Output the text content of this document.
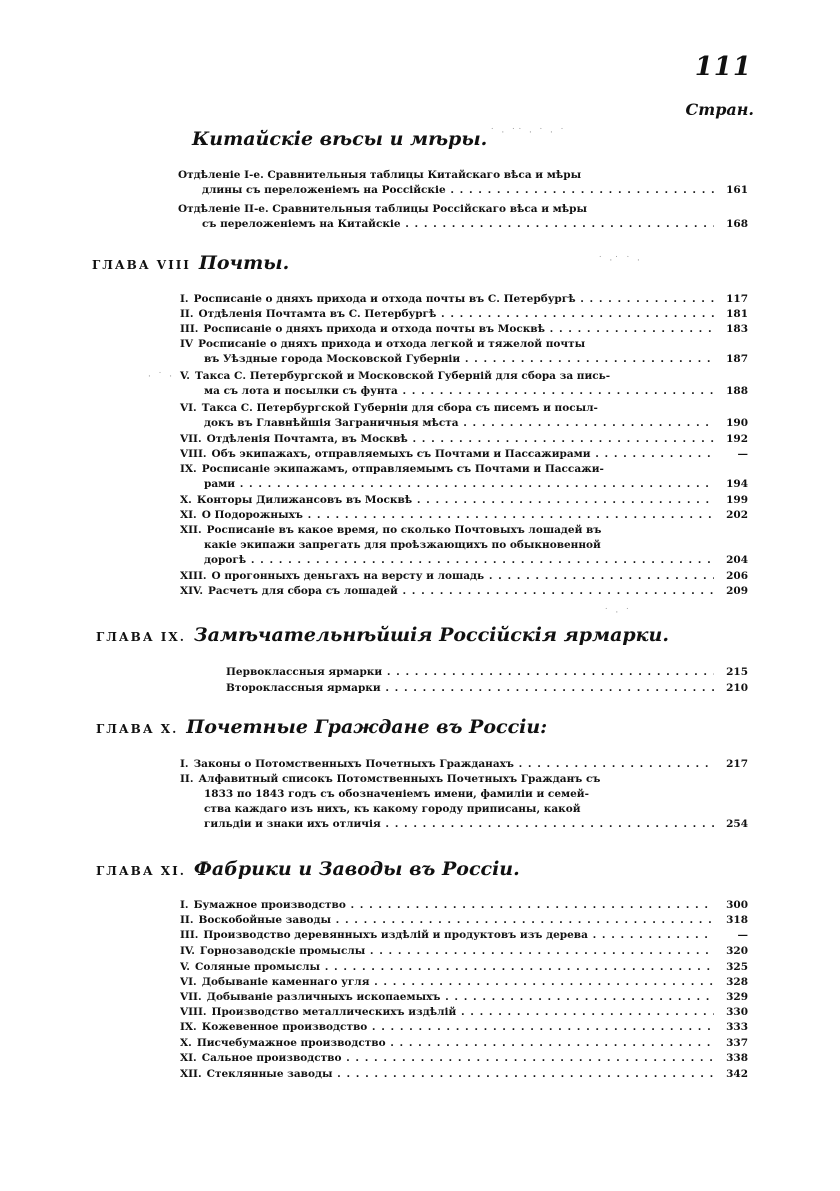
111
Стран.
Китайскіе вѣсы и мѣры.
Отдѣленіе I-е. Сравнительныя таблицы Китайскаго вѣса и мѣры
длины съ переложеніемъ на Россійскіе . . .	161
Отдѣленіе II-е. Сравнительныя таблицы Россійскаго вѣса и мѣры
съ переложеніемъ на Китайскіе . . .	168
ГЛАВА VIII Почты.
I. Росписаніе о дняхъ прихода и отхода почты въ С. Петербургѣ . . .	117
II. Отдѣленія Почтамта въ С. Петербургѣ . . .	181
III. Росписаніе о дняхъ прихода и отхода почты въ Москвѣ . . .	183
IV Росписаніе о дняхъ прихода и отхода легкой и тяжелой почты
въ Уѣздные города Московской Губерніи . . .	187
V. Такса С. Петербургской и Московской Губерній для сбора за пись-
ма съ лота и посылки съ фунта . . .	188
VI. Такса С. Петербургской Губерніи для сбора съ писемъ и посыл-
докъ въ Главнѣйшія Заграничныя мѣста . . .	190
VII. Отдѣленія Почтамта, въ Москвѣ . . .	192
VIII. Объ экипажахъ, отправляемыхъ съ Почтами и Пассажирами . . .	—
IX. Росписаніе экипажамъ, отправляемымъ съ Почтами и Пассажи-
рами . . .	194
X. Конторы Дилижансовъ въ Москвѣ . . .	199
XI. О Подорожныхъ . . .	202
XII. Росписаніе въ какое время, по сколько Почтовыхъ лошадей въ
какіе экипажи запрегать для проѣзжающихъ по обыкновенной
дорогѣ . . .	204
XIII. О прогонныхъ деньгахъ на версту и лошадь . . .	206
XIV. Расчетъ для сбора съ лошадей . . .	209
ГЛАВА IX. Замѣчательнѣйшія Россійскія ярмарки.
Первоклассныя ярмарки . . .	215
Второклассныя ярмарки . . .	210
ГЛАВА X. Почетные Граждане въ Россіи:
I. Законы о Потомственныхъ Почетныхъ Гражданахъ . . .	217
II. Алфавитный списокъ Потомственныхъ Почетныхъ Гражданъ съ
1833 по 1843 годъ съ обозначеніемъ имени, фамиліи и семей-
ства каждаго изъ нихъ, къ какому городу приписаны, какой
гильдіи и знаки ихъ отличія . . .	254
ГЛАВА XI. Фабрики и Заводы въ Россіи.
I. Бумажное производство . . .	300
II. Воскобойные заводы . . .	318
III. Производство деревянныхъ издѣлій и продуктовъ изъ дерева . . .	—
IV. Горнозаводскіе промыслы . . .	320
V. Соляные промыслы . . .	325
VI. Добываніе каменнаго угля . . .	328
VII. Добываніе различныхъ ископаемыхъ . . .	329
VIII. Производство металлическихъ издѣлій . . .	330
IX. Кожевенное производство . . .	333
X. Писчебумажное производство . . .	337
XI. Сальное производство . . .	338
XII. Стеклянные заводы . . .	342
˙ · ˙˙ · ˙ · ˙
˙ ·˙ ˙ ·
· ˙ ·
˙ · ˙
